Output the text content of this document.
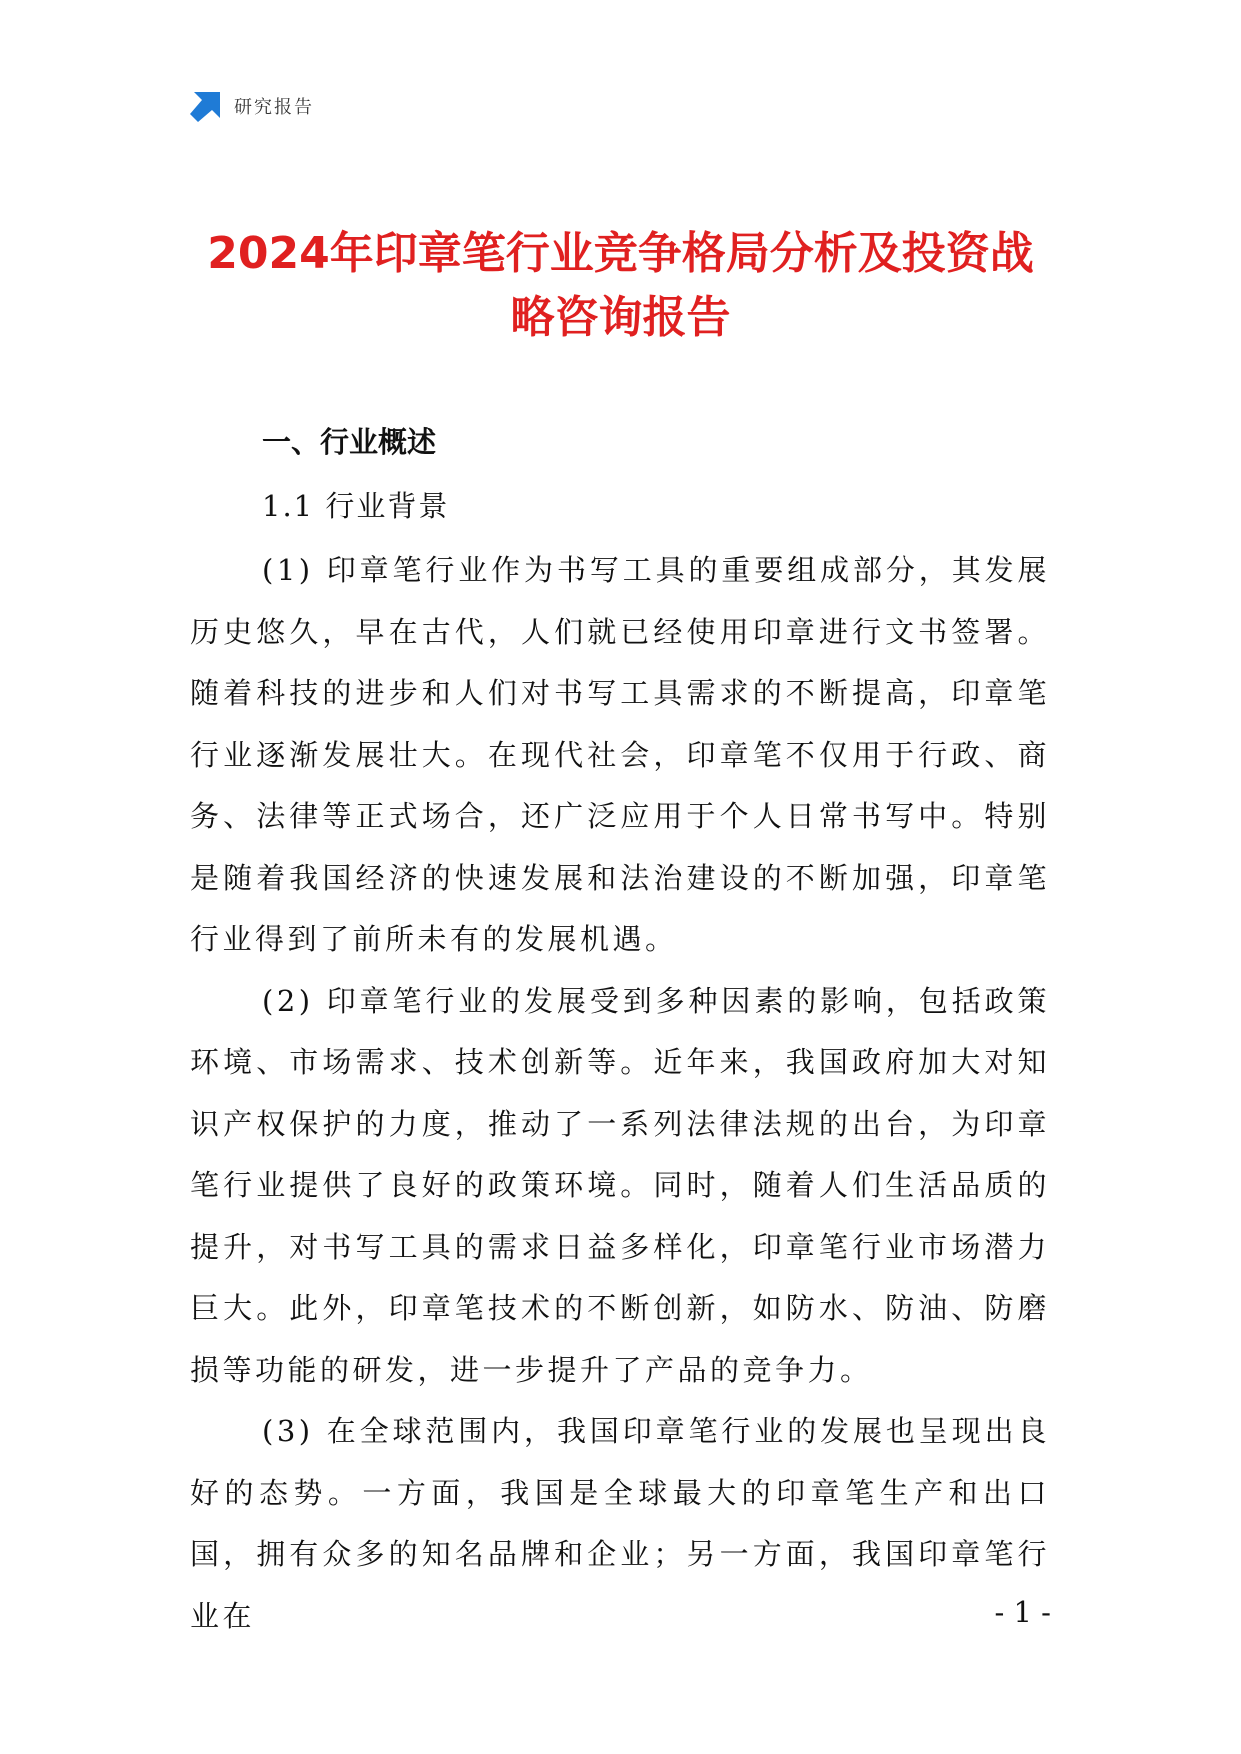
研究报告
2024年印章笔行业竞争格局分析及投资战
略咨询报告
一、行业概述
1.1 行业背景

(1) 印章笔行业作为书写工具的重要组成部分，其发展历史悠久，早在古代，人们就已经使用印章进行文书签署。随着科技的进步和人们对书写工具需求的不断提高，印章笔行业逐渐发展壮大。在现代社会，印章笔不仅用于行政、商务、法律等正式场合，还广泛应用于个人日常书写中。特别是随着我国经济的快速发展和法治建设的不断加强，印章笔行业得到了前所未有的发展机遇。

(2) 印章笔行业的发展受到多种因素的影响，包括政策环境、市场需求、技术创新等。近年来，我国政府加大对知识产权保护的力度，推动了一系列法律法规的出台，为印章笔行业提供了良好的政策环境。同时，随着人们生活品质的提升，对书写工具的需求日益多样化，印章笔行业市场潜力巨大。此外，印章笔技术的不断创新，如防水、防油、防磨损等功能的研发，进一步提升了产品的竞争力。

(3) 在全球范围内，我国印章笔行业的发展也呈现出良好的态势。一方面，我国是全球最大的印章笔生产和出口国，拥有众多的知名品牌和企业；另一方面，我国印章笔行业在	- 1 -
